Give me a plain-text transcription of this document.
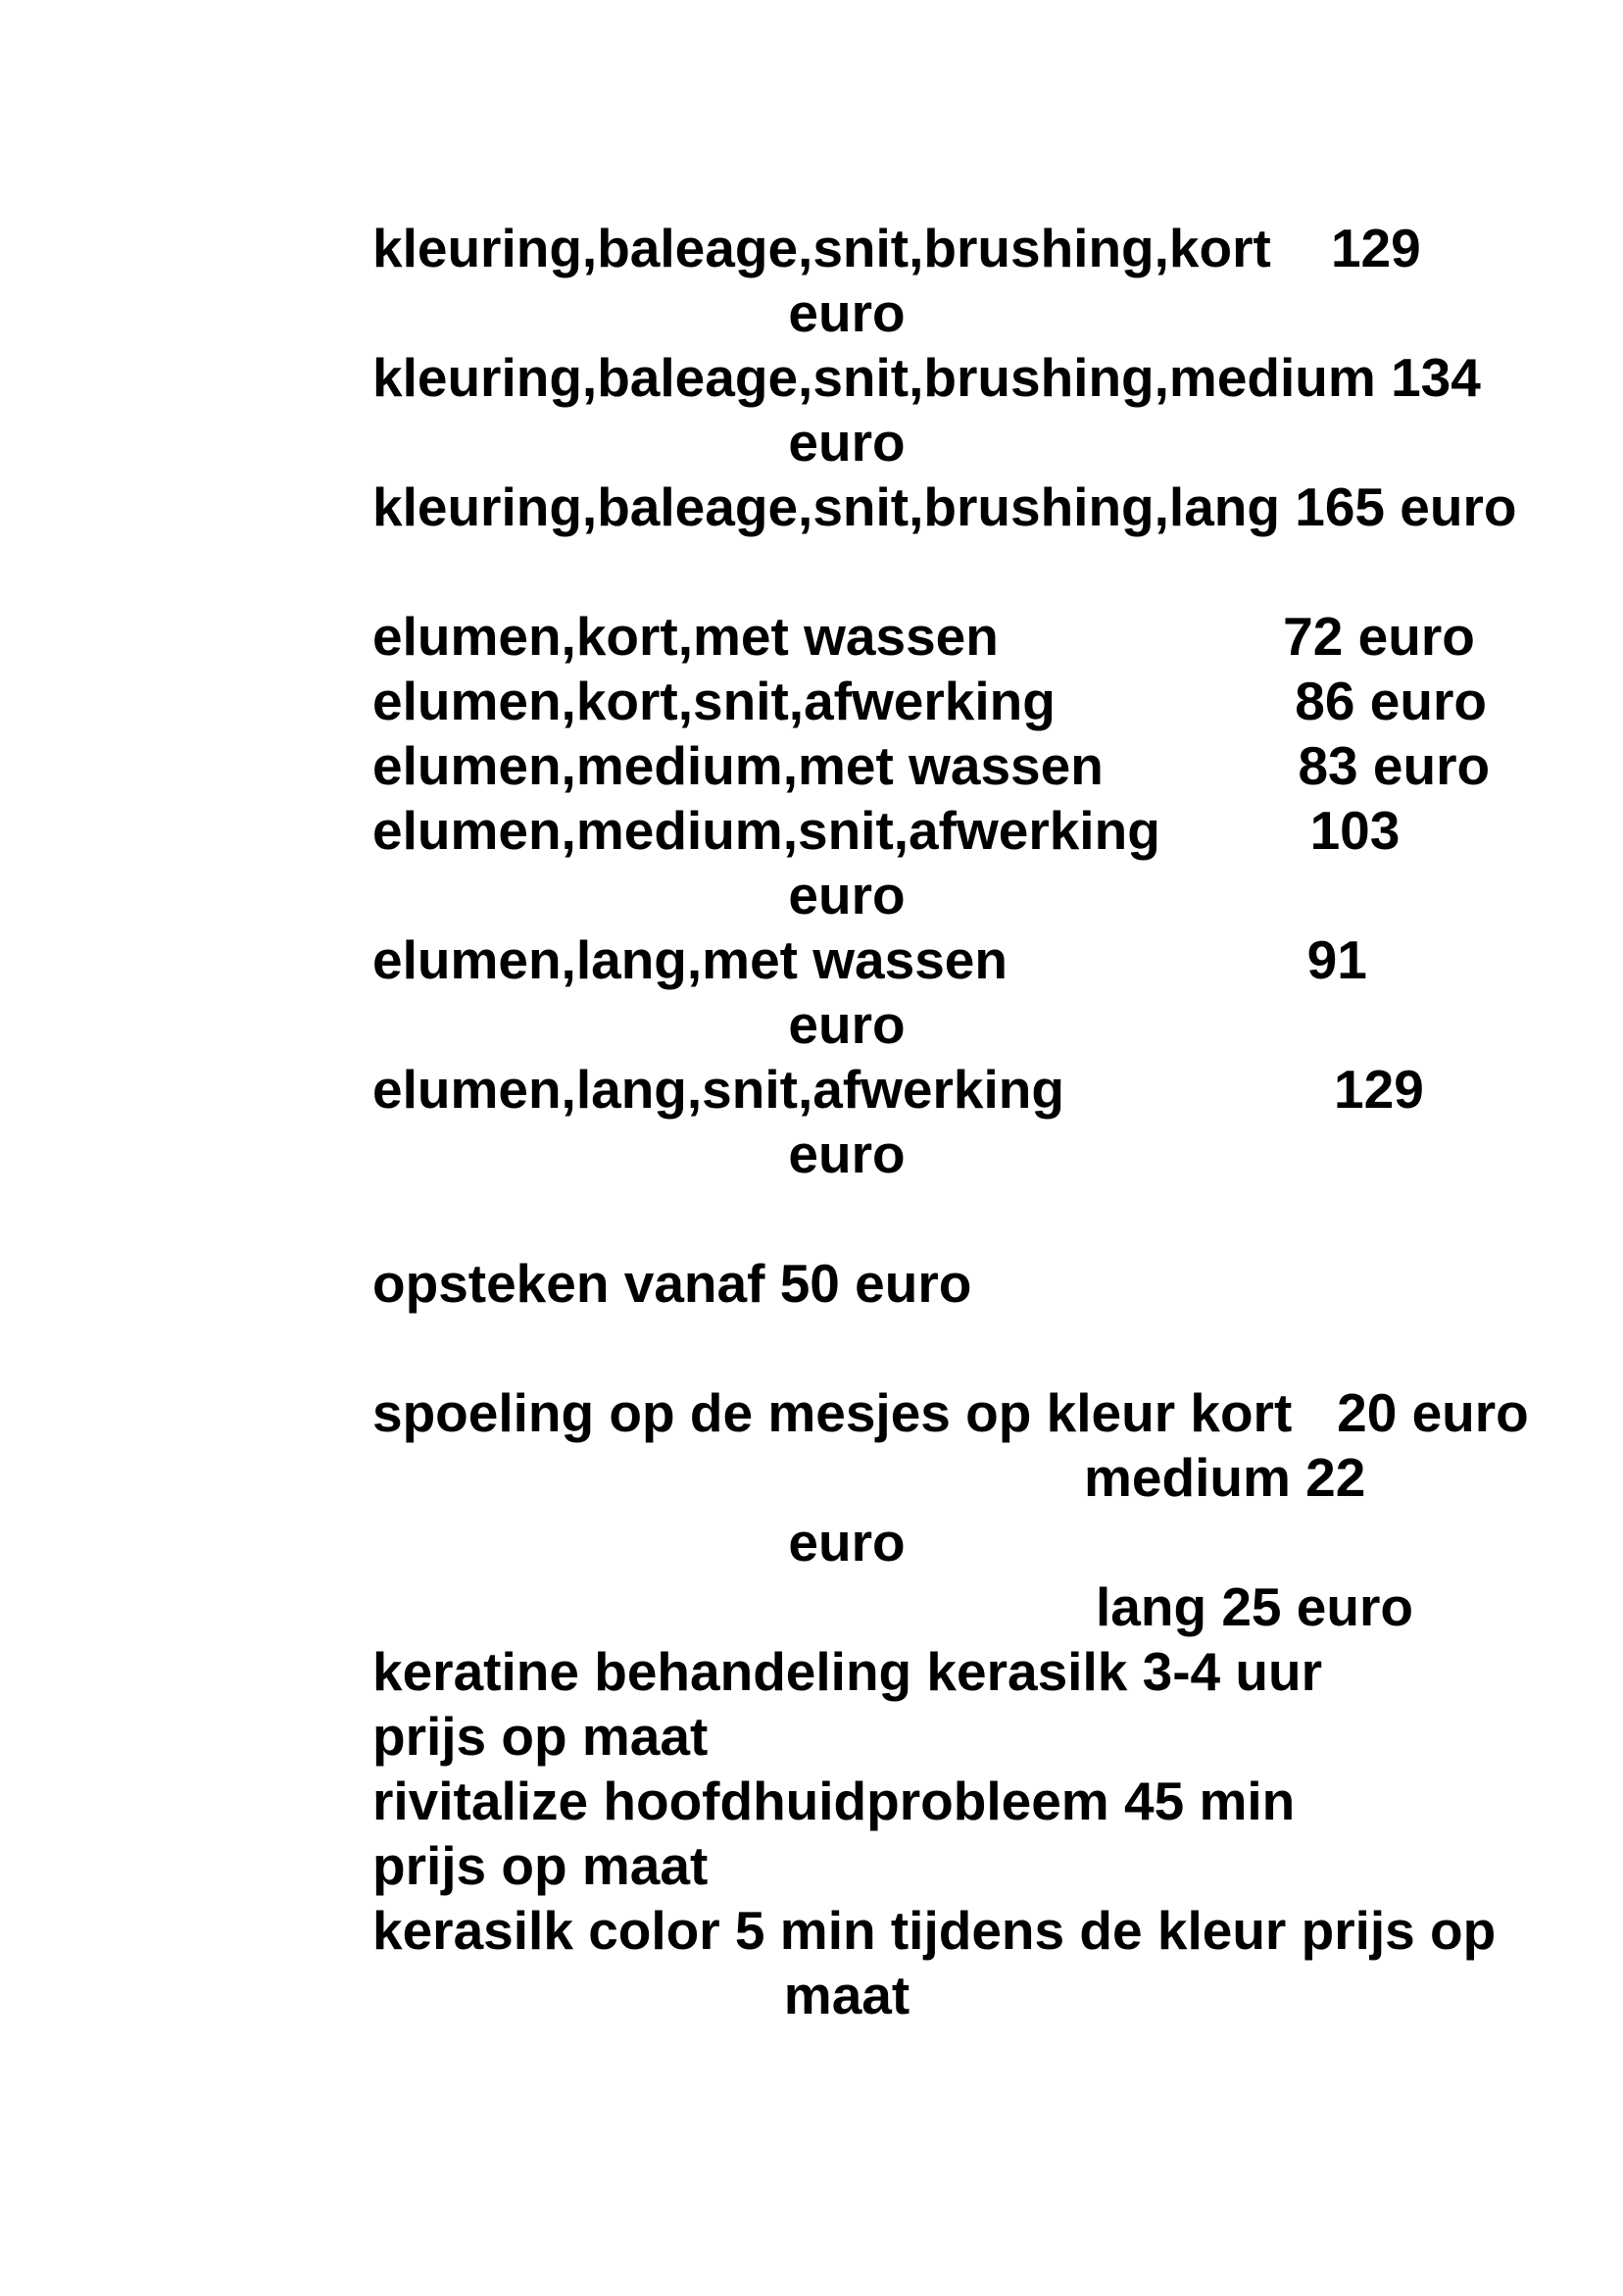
kleuring,baleage,snit,brushing,kort    129
euro
kleuring,baleage,snit,brushing,medium 134
euro
kleuring,baleage,snit,brushing,lang 165 euro
elumen,kort,met wassen                   72 euro
elumen,kort,snit,afwerking                86 euro
elumen,medium,met wassen             83 euro
elumen,medium,snit,afwerking          103
euro
elumen,lang,met wassen                    91
euro
elumen,lang,snit,afwerking                  129
euro
opsteken vanaf 50 euro
spoeling op de mesjes op kleur kort   20 euro
medium 22
euro
lang 25 euro
keratine behandeling kerasilk 3-4 uur
prijs op maat
rivitalize hoofdhuidprobleem 45 min
prijs op maat
kerasilk color 5 min tijdens de kleur prijs op
maat
